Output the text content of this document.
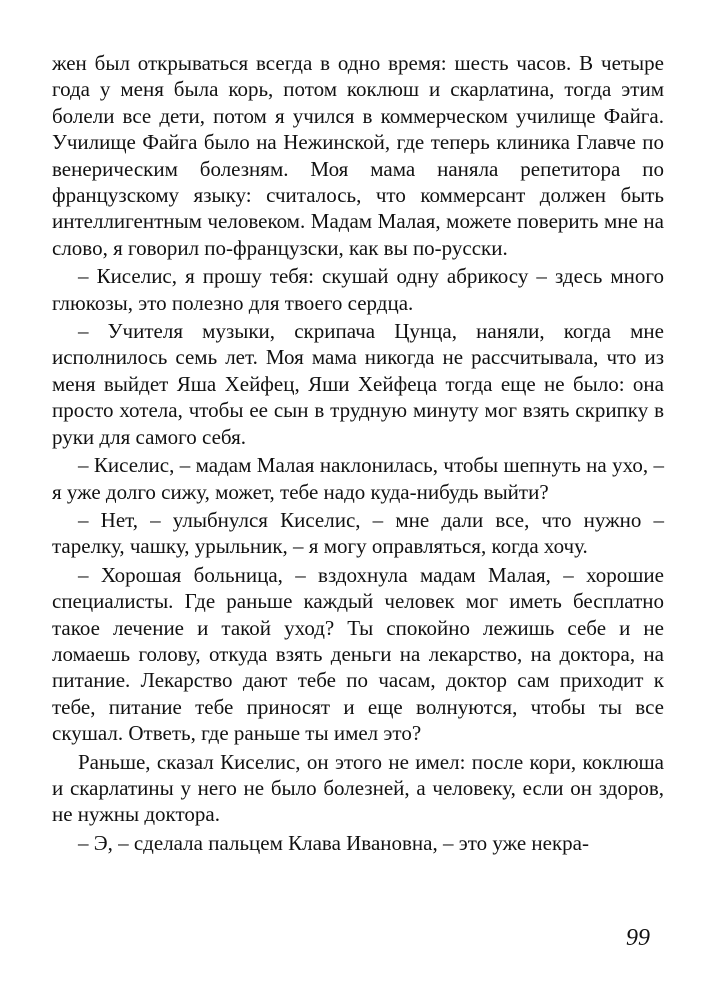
жен был открываться всегда в одно время: шесть часов. В четыре года у меня была корь, потом коклюш и скарлатина, тогда этим болели все дети, потом я учился в коммерческом училище Файга. Училище Файга было на Нежинской, где теперь клиника Главче по венерическим болезням. Моя мама наняла репетитора по французскому языку: считалось, что коммерсант должен быть интеллигентным человеком. Мадам Малая, можете поверить мне на слово, я говорил по-французски, как вы по-русски.

– Киселис, я прошу тебя: скушай одну абрикосу – здесь много глюкозы, это полезно для твоего сердца.

– Учителя музыки, скрипача Цунца, наняли, когда мне исполнилось семь лет. Моя мама никогда не рассчитывала, что из меня выйдет Яша Хейфец, Яши Хейфеца тогда еще не было: она просто хотела, чтобы ее сын в трудную минуту мог взять скрипку в руки для самого себя.

– Киселис, – мадам Малая наклонилась, чтобы шепнуть на ухо, – я уже долго сижу, может, тебе надо куда-нибудь выйти?

– Нет, – улыбнулся Киселис, – мне дали все, что нужно – тарелку, чашку, урыльник, – я могу оправляться, когда хочу.

– Хорошая больница, – вздохнула мадам Малая, – хорошие специалисты. Где раньше каждый человек мог иметь бесплатно такое лечение и такой уход? Ты спокойно лежишь себе и не ломаешь голову, откуда взять деньги на лекарство, на доктора, на питание. Лекарство дают тебе по часам, доктор сам приходит к тебе, питание тебе приносят и еще волнуются, чтобы ты все скушал. Ответь, где раньше ты имел это?

Раньше, сказал Киселис, он этого не имел: после кори, коклюша и скарлатины у него не было болезней, а человеку, если он здоров, не нужны доктора.

– Э, – сделала пальцем Клава Ивановна, – это уже некра-

99
